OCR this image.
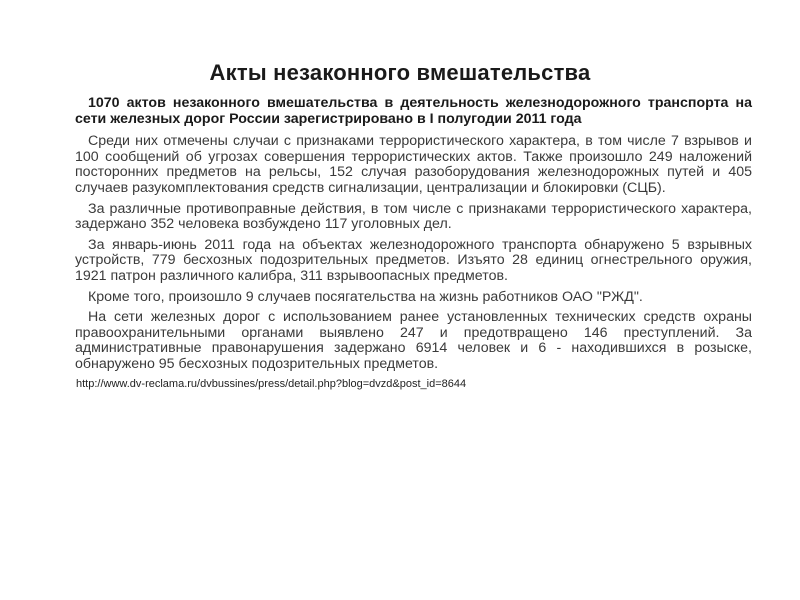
Акты незаконного вмешательства

1070 актов незаконного вмешательства в деятельность железнодорожного транспорта на сети железных дорог России зарегистрировано в I полугодии 2011 года

Среди них отмечены случаи с признаками террористического характера, в том числе 7 взрывов и 100 сообщений об угрозах совершения террористических актов. Также произошло 249 наложений посторонних предметов на рельсы, 152 случая разоборудования железнодорожных путей и 405 случаев разукомплектования средств сигнализации, централизации и блокировки (СЦБ).

За различные противоправные действия, в том числе с признаками террористического характера, задержано 352 человека возбуждено 117 уголовных дел.

За январь-июнь 2011 года на объектах железнодорожного транспорта обнаружено 5 взрывных устройств, 779 бесхозных подозрительных предметов. Изъято 28 единиц огнестрельного оружия, 1921 патрон различного калибра, 311 взрывоопасных предметов.

Кроме того, произошло 9 случаев посягательства на жизнь работников ОАО "РЖД".

На сети железных дорог с использованием ранее установленных технических средств охраны правоохранительными органами выявлено 247 и предотвращено 146 преступлений. За административные правонарушения задержано 6914 человек и 6 - находившихся в розыске, обнаружено 95 бесхозных подозрительных предметов.

http://www.dv-reclama.ru/dvbussines/press/detail.php?blog=dvzd&post_id=8644
